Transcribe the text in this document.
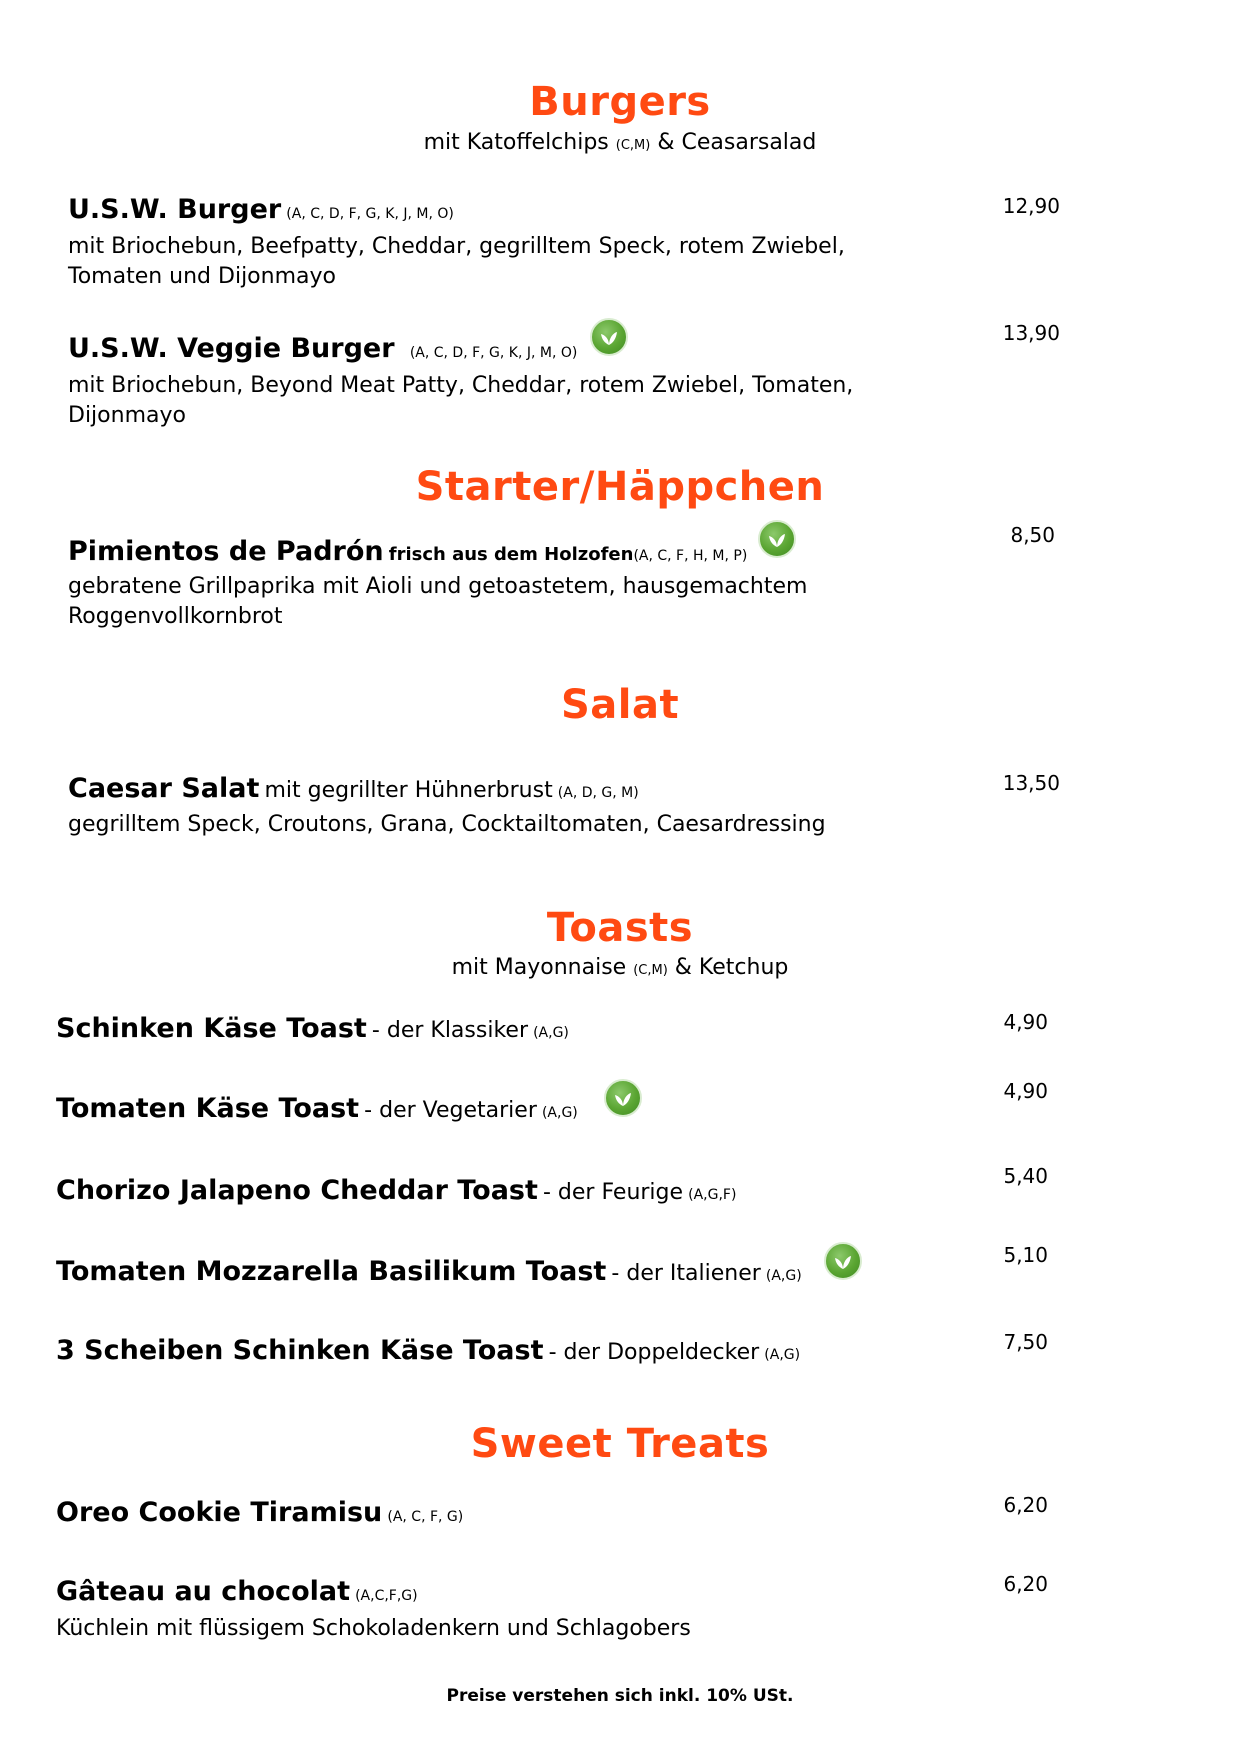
Burgers
mit Katoffelchips (C,M) & Ceasarsalad
U.S.W. Burger (A, C, D, F, G, K, J, M, O)
mit Briochebun, Beefpatty, Cheddar, gegrilltem Speck, rotem Zwiebel,
Tomaten und Dijonmayo
12,90
U.S.W. Veggie Burger (A, C, D, F, G, K, J, M, O)
mit Briochebun, Beyond Meat Patty, Cheddar, rotem Zwiebel, Tomaten,
Dijonmayo
13,90
Starter/Häppchen
Pimientos de Padrón frisch aus dem Holzofen(A, C, F, H, M, P)
gebratene Grillpaprika mit Aioli und getoastetem, hausgemachtem
Roggenvollkornbrot
8,50
Salat
Caesar Salat mit gegrillter Hühnerbrust (A, D, G, M)
gegrilltem Speck, Croutons, Grana, Cocktailtomaten, Caesardressing
13,50
Toasts
mit Mayonnaise (C,M) & Ketchup
Schinken Käse Toast - der Klassiker (A,G)	4,90
Tomaten Käse Toast - der Vegetarier (A,G)
4,90
Chorizo Jalapeno Cheddar Toast - der Feurige (A,G,F)
5,40
Tomaten Mozzarella Basilikum Toast - der Italiener (A,G)
5,10
3 Scheiben Schinken Käse Toast - der Doppeldecker (A,G)
7,50
Sweet Treats
Oreo Cookie Tiramisu (A, C, F, G)	6,20
Gâteau au chocolat (A,C,F,G)
Küchlein mit flüssigem Schokoladenkern und Schlagobers
6,20
Preise verstehen sich inkl. 10% USt.
